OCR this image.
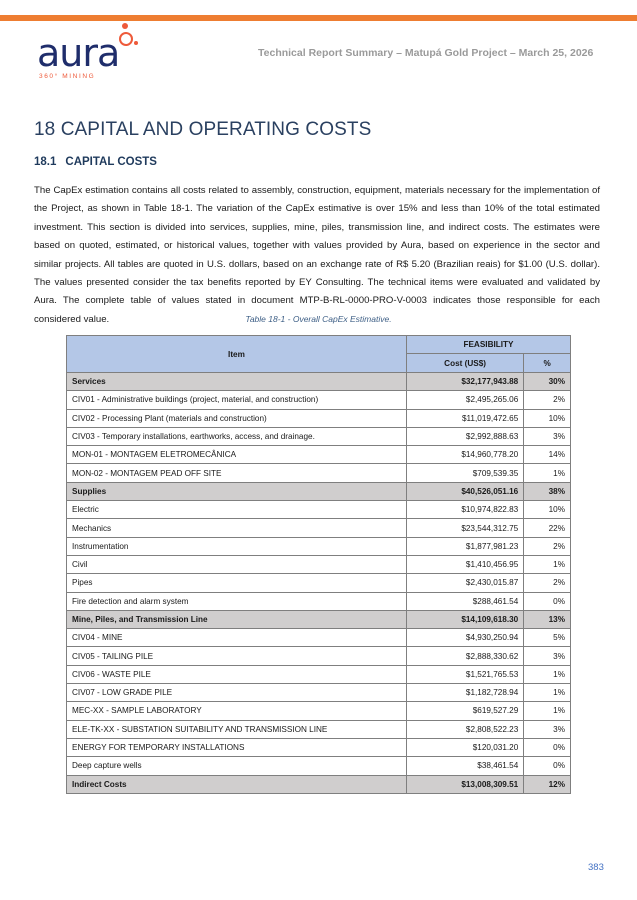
aura
360° MINING
Technical Report Summary – Matupá Gold Project – March 25, 2026
18 CAPITAL AND OPERATING COSTS
18.1 CAPITAL COSTS
The CapEx estimation contains all costs related to assembly, construction, equipment, materials necessary for the implementation of the Project, as shown in Table 18-1. The variation of the CapEx estimative is over 15% and less than 10% of the total estimated investment. This section is divided into services, supplies, mine, piles, transmission line, and indirect costs. The estimates were based on quoted, estimated, or historical values, together with values provided by Aura, based on experience in the sector and similar projects. All tables are quoted in U.S. dollars, based on an exchange rate of R$ 5.20 (Brazilian reais) for $1.00 (U.S. dollar). The values presented consider the tax benefits reported by EY Consulting. The technical items were evaluated and validated by Aura. The complete table of values stated in document MTP-B-RL-0000-PRO-V-0003 indicates those responsible for each considered value.	Table 18-1 - Overall CapEx Estimative.
Item	FEASIBILITY	
	Cost (US$)	%
Services	$32,177,943.88	30%
CIV01 - Administrative buildings (project, material, and construction)	$2,495,265.06	2%
CIV02 - Processing Plant (materials and construction)	$11,019,472.65	10%
CIV03 - Temporary installations, earthworks, access, and drainage.	$2,992,888.63	3%
MON-01 - MONTAGEM ELETROMECÂNICA	$14,960,778.20	14%
MON-02 - MONTAGEM PEAD OFF SITE	$709,539.35	1%
Supplies	$40,526,051.16	38%
Electric	$10,974,822.83	10%
Mechanics	$23,544,312.75	22%
Instrumentation	$1,877,981.23	2%
Civil	$1,410,456.95	1%
Pipes	$2,430,015.87	2%
Fire detection and alarm system	$288,461.54	0%
Mine, Piles, and Transmission Line	$14,109,618.30	13%
CIV04 - MINE	$4,930,250.94	5%
CIV05 - TAILING PILE	$2,888,330.62	3%
CIV06 - WASTE PILE	$1,521,765.53	1%
CIV07 - LOW GRADE PILE	$1,182,728.94	1%
MEC-XX - SAMPLE LABORATORY	$619,527.29	1%
ELE-TK-XX - SUBSTATION SUITABILITY AND TRANSMISSION LINE	$2,808,522.23	3%
ENERGY FOR TEMPORARY INSTALLATIONS	$120,031.20	0%
Deep capture wells	$38,461.54	0%
Indirect Costs	$13,008,309.51	12%
383
